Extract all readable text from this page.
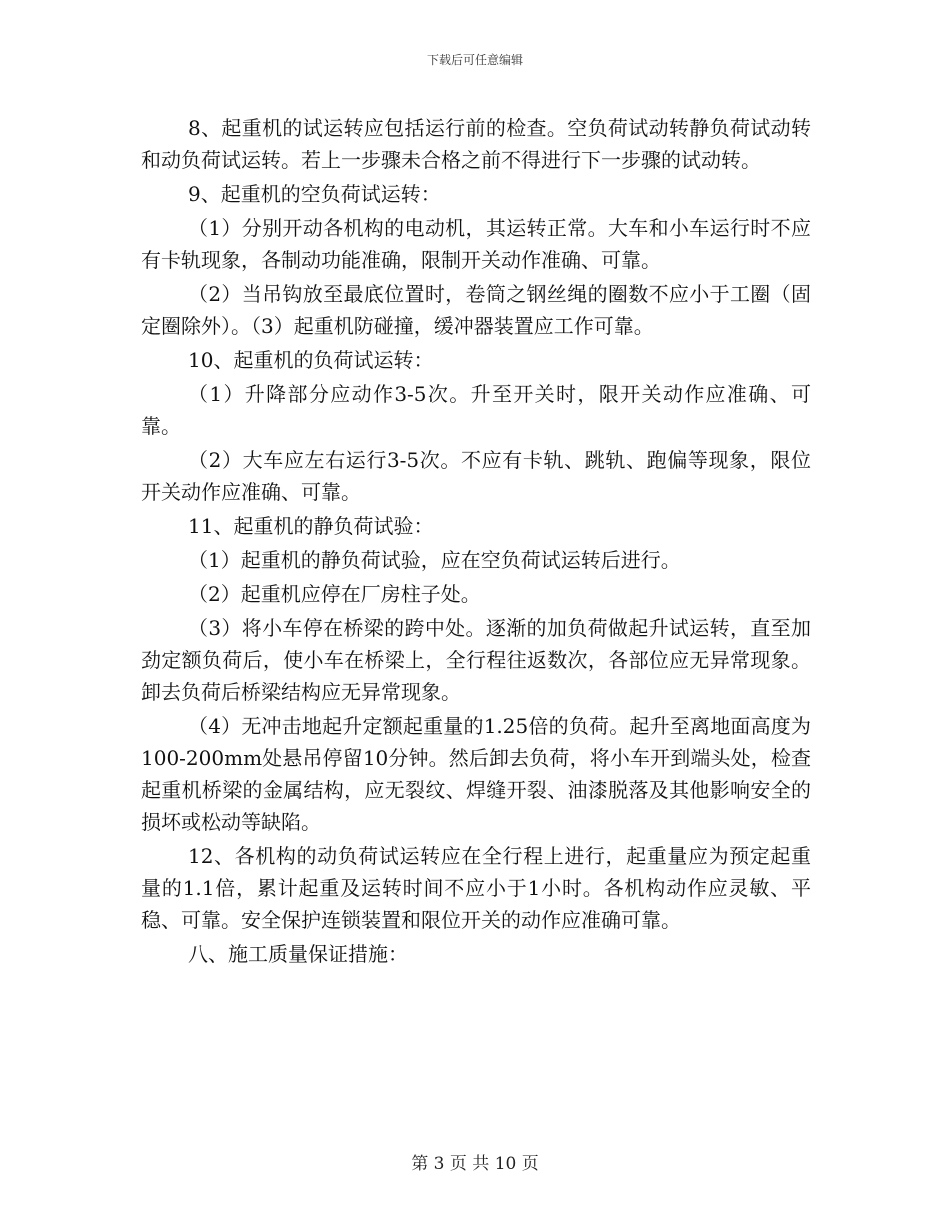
下载后可任意编辑

8、起重机的试运转应包括运行前的检查。空负荷试动转静负荷试动转和动负荷试运转。若上一步骤未合格之前不得进行下一步骤的试动转。

9、起重机的空负荷试运转：

（1）分别开动各机构的电动机，其运转正常。大车和小车运行时不应有卡轨现象，各制动功能准确，限制开关动作准确、可靠。

（2）当吊钩放至最底位置时，卷筒之钢丝绳的圈数不应小于工圈（固定圈除外）。（3）起重机防碰撞，缓冲器装置应工作可靠。

10、起重机的负荷试运转：

（1）升降部分应动作3-5次。升至开关时，限开关动作应准确、可靠。

（2）大车应左右运行3-5次。不应有卡轨、跳轨、跑偏等现象，限位开关动作应准确、可靠。

11、起重机的静负荷试验：

（1）起重机的静负荷试验，应在空负荷试运转后进行。

（2）起重机应停在厂房柱子处。

（3）将小车停在桥梁的跨中处。逐渐的加负荷做起升试运转，直至加劲定额负荷后，使小车在桥梁上，全行程往返数次，各部位应无异常现象。卸去负荷后桥梁结构应无异常现象。

（4）无冲击地起升定额起重量的1.25倍的负荷。起升至离地面高度为100-200mm处悬吊停留10分钟。然后卸去负荷，将小车开到端头处，检查起重机桥梁的金属结构，应无裂纹、焊缝开裂、油漆脱落及其他影响安全的损坏或松动等缺陷。

12、各机构的动负荷试运转应在全行程上进行，起重量应为预定起重量的1.1倍，累计起重及运转时间不应小于1小时。各机构动作应灵敏、平稳、可靠。安全保护连锁装置和限位开关的动作应准确可靠。

八、施工质量保证措施：

第 3 页 共 10 页
